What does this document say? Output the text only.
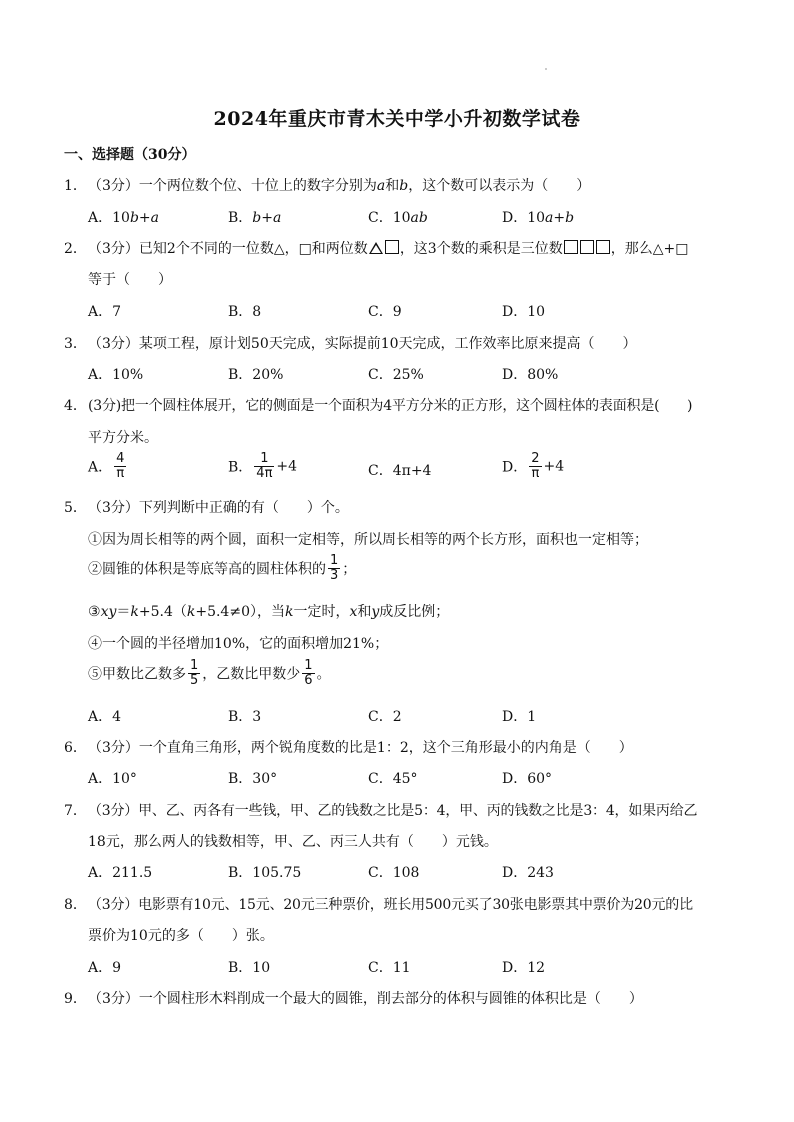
2024年重庆市青木关中学小升初数学试卷
一、选择题（30分）
1．（3分）一个两位数个位、十位上的数字分别为a和b，这个数可以表示为（　　）
A．10b+a	B．b+a	C．10ab	D．10a+b
2．（3分）已知2个不同的一位数△，□和两位数 ，这3个数的乘积是三位数	，那么△+□
等于（　　）
A．7	B．8	C．9	D．10
3．（3分）某项工程，原计划50天完成，实际提前10天完成，工作效率比原来提高（　　）
A．10%	B．20%	C．25%	D．80%
4．(3分)把一个圆柱体展开，它的侧面是一个面积为4平方分米的正方形，这个圆柱体的表面积是(　　)
平方分米。
A． $\frac{4}{\pi}$	B． $\frac{1}{4\pi} +4$	C．4π+4	D． $\frac{2}{\pi} +4$
5．（3分）下列判断中正确的有（　　）个。
①因为周长相等的两个圆，面积一定相等，所以周长相等的两个长方形，面积也一定相等；
②圆锥的体积是等底等高的圆柱体积的 $\frac{1}{3}$ ；
③xy＝k+5.4（k+5.4≠0），当k一定时，x和y成反比例；
④一个圆的半径增加10%，它的面积增加21%；
⑤甲数比乙数多 $\frac{1}{5}$ ，乙数比甲数少 $\frac{1}{6}$ 。
A．4	B．3	C．2	D．1
6．（3分）一个直角三角形，两个锐角度数的比是1：2，这个三角形最小的内角是（　　）
A．10°	B．30°	C．45°	D．60°
7．（3分）甲、乙、丙各有一些钱，甲、乙的钱数之比是5：4，甲、丙的钱数之比是3：4，如果丙给乙
18元，那么两人的钱数相等，甲、乙、丙三人共有（　　）元钱。
A．211.5	B．105.75	C．108	D．243
8．（3分）电影票有10元、15元、20元三种票价，班长用500元买了30张电影票其中票价为20元的比
票价为10元的多（　　）张。
A．9	B．10	C．11	D．12
9．（3分）一个圆柱形木料削成一个最大的圆锥，削去部分的体积与圆锥的体积比是（　　）
